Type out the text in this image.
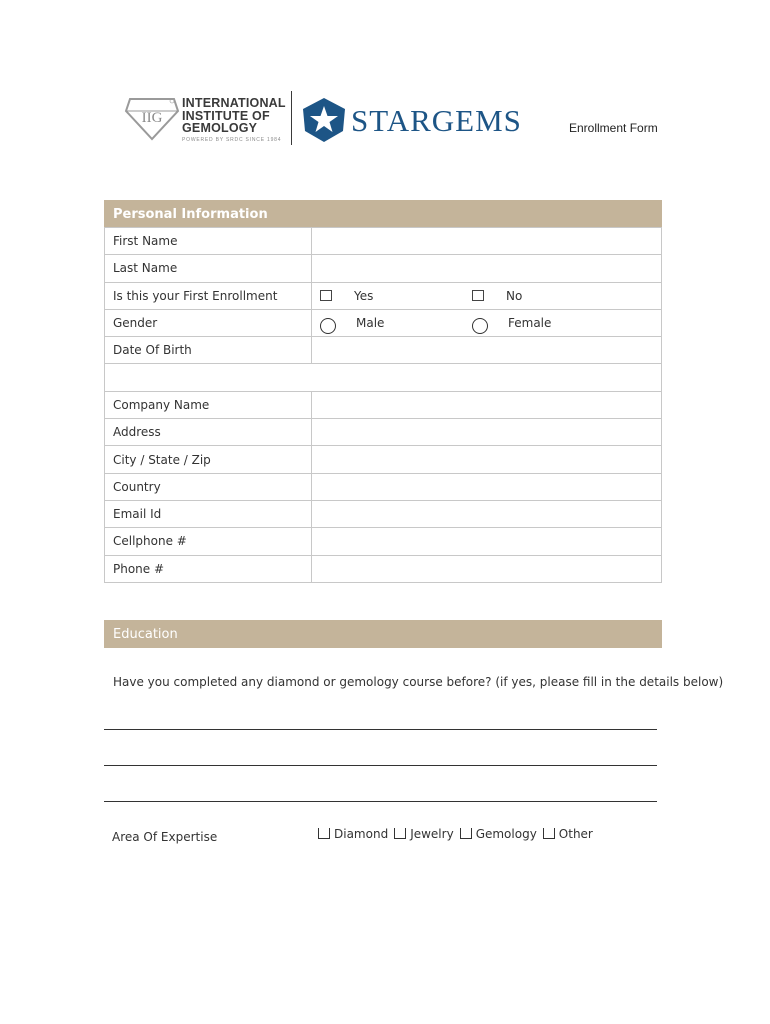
IIG
INTERNATIONAL
INSTITUTE OF
GEMOLOGY
POWERED BY SRDC SINCE 1984
STARGEMS	Enrollment Form
Personal Information
First Name	
Last Name	
Is this your First Enrollment	Yes No

Gender	Male Female

Date Of Birth	

Company Name	
Address	
City / State / Zip	
Country	
Email Id	
Cellphone #	
Phone #	
Education
Have you completed any diamond or gemology course before? (if yes, please fill in the details below)
Area Of Expertise	Diamond Jewelry Gemology Other
